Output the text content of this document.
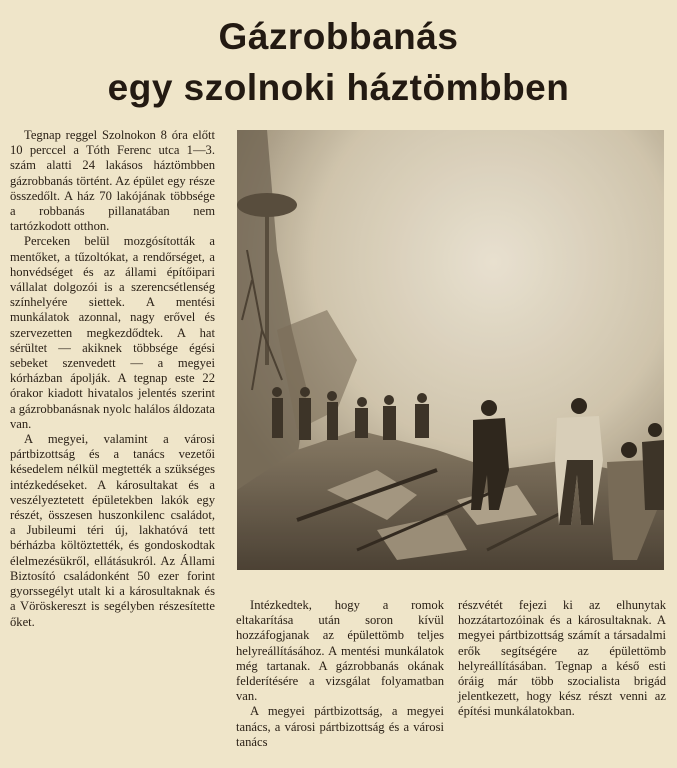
Gázrobbanás
egy szolnoki háztömbben

Tegnap reggel Szolnokon 8 óra előtt 10 perccel a Tóth Ferenc utca 1—3. szám alatti 24 lakásos háztömbben gázrobbanás történt. Az épület egy része összedőlt. A ház 70 lakójának többsége a robbanás pillanatában nem tartózkodott otthon.

Perceken belül mozgósították a mentőket, a tűzoltókat, a rendőrséget, a honvédséget és az állami építőipari vállalat dolgozói is a szerencsétlenség színhelyére siettek. A mentési munkálatok azonnal, nagy erővel és szervezetten megkezdődtek. A hat sérültet — akiknek többsége égési sebeket szenvedett — a megyei kórházban ápolják. A tegnap este 22 órakor kiadott hivatalos jelentés szerint a gázrobbanásnak nyolc halálos áldozata van.

A megyei, valamint a városi pártbizottság és a tanács vezetői késedelem nélkül megtették a szükséges intézkedéseket. A károsultakat és a veszélyeztetett épületekben lakók egy részét, összesen huszonkilenc családot, a Jubileumi téri új, lakhatóvá tett bérházba költöztették, és gondoskodtak élelmezésükről, ellátásukról. Az Állami Biztosító családonként 50 ezer forint gyorssegélyt utalt ki a károsultaknak és a Vöröskereszt is segélyben részesítette őket.

Intézkedtek, hogy a romok eltakarítása után soron kívül hozzáfogjanak az épülettömb teljes helyreállításához. A mentési munkálatok még tartanak. A gázrobbanás okának felderítésére a vizsgálat folyamatban van.

A megyei pártbizottság, a megyei tanács, a városi pártbizottság és a városi tanács

részvétét fejezi ki az elhunytak hozzátartozóinak és a károsultaknak. A megyei pártbizottság számít a társadalmi erők segítségére az épülettömb helyreállításában. Tegnap a késő esti óráig már több szocialista brigád jelentkezett, hogy kész részt venni az építési munkálatokban.
